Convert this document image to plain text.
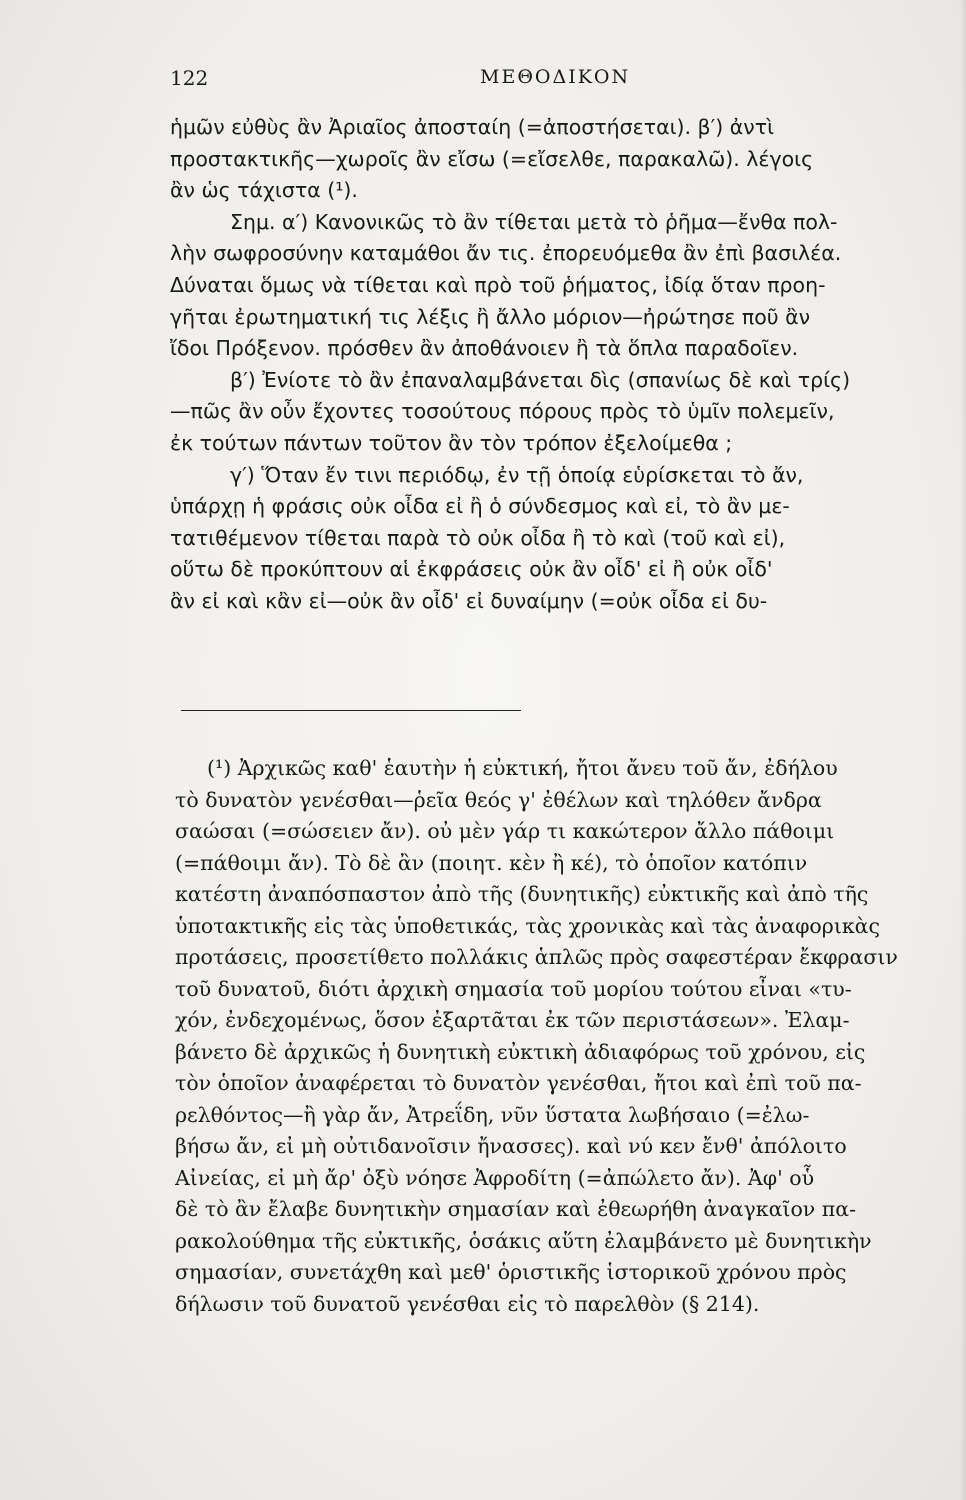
122	ΜΕΘΟΔΙΚΟΝ
ἡμῶν εὐθὺς ἂν Ἀριαῖος ἀποσταίη (=ἀποστήσεται). β′) ἀντὶ
προστακτικῆς—χωροῖς ἂν εἴσω (=εἴσελθε, παρακαλῶ). λέγοις
ἂν ὡς τάχιστα (¹).
Σημ. α′) Κανονικῶς τὸ ἂν τίθεται μετὰ τὸ ῥῆμα—ἔνθα πολ-
λὴν σωφροσύνην καταμάθοι ἄν τις. ἐπορευόμεθα ἂν ἐπὶ βασιλέα.
Δύναται ὅμως νὰ τίθεται καὶ πρὸ τοῦ ῥήματος, ἰδίᾳ ὅταν προη-
γῆται ἐρωτηματική τις λέξις ἢ ἄλλο μόριον—ἠρώτησε ποῦ ἂν
ἴδοι Πρόξενον. πρόσθεν ἂν ἀποθάνοιεν ἢ τὰ ὅπλα παραδοῖεν.
β′) Ἐνίοτε τὸ ἂν ἐπαναλαμβάνεται δὶς (σπανίως δὲ καὶ τρίς)
—πῶς ἂν οὖν ἔχοντες τοσούτους πόρους πρὸς τὸ ὑμῖν πολεμεῖν,
ἐκ τούτων πάντων τοῦτον ἂν τὸν τρόπον ἐξελοίμεθα ;
γ′) Ὅταν ἔν τινι περιόδῳ, ἐν τῇ ὁποίᾳ εὑρίσκεται τὸ ἄν,
ὑπάρχῃ ἡ φράσις οὐκ οἶδα εἰ ἢ ὁ σύνδεσμος καὶ εἰ, τὸ ἂν με-
τατιθέμενον τίθεται παρὰ τὸ οὐκ οἶδα ἢ τὸ καὶ (τοῦ καὶ εἰ),
οὕτω δὲ προκύπτουν αἱ ἐκφράσεις οὐκ ἂν οἶδ' εἰ ἢ οὐκ οἶδ'
ἂν εἰ καὶ κἂν εἰ—οὐκ ἂν οἶδ' εἰ δυναίμην (=οὐκ οἶδα εἰ δυ-
(¹) Ἀρχικῶς καθ' ἑαυτὴν ἡ εὐκτική, ἤτοι ἄνευ τοῦ ἄν, ἐδήλου
τὸ δυνατὸν γενέσθαι—ῥεῖα θεός γ' ἐθέλων καὶ τηλόθεν ἄνδρα
σαώσαι (=σώσειεν ἄν). οὐ μὲν γάρ τι κακώτερον ἄλλο πάθοιμι
(=πάθοιμι ἄν). Τὸ δὲ ἂν (ποιητ. κὲν ἢ κέ), τὸ ὁποῖον κατόπιν
κατέστη ἀναπόσπαστον ἀπὸ τῆς (δυνητικῆς) εὐκτικῆς καὶ ἀπὸ τῆς
ὑποτακτικῆς εἰς τὰς ὑποθετικάς, τὰς χρονικὰς καὶ τὰς ἀναφορικὰς
προτάσεις, προσετίθετο πολλάκις ἁπλῶς πρὸς σαφεστέραν ἔκφρασιν
τοῦ δυνατοῦ, διότι ἀρχικὴ σημασία τοῦ μορίου τούτου εἶναι «τυ-
χόν, ἐνδεχομένως, ὅσον ἐξαρτᾶται ἐκ τῶν περιστάσεων». Ἐλαμ-
βάνετο δὲ ἀρχικῶς ἡ δυνητικὴ εὐκτικὴ ἀδιαφόρως τοῦ χρόνου, εἰς
τὸν ὁποῖον ἀναφέρεται τὸ δυνατὸν γενέσθαι, ἤτοι καὶ ἐπὶ τοῦ πα-
ρελθόντος—ἢ γὰρ ἄν, Ἀτρεΐδη, νῦν ὕστατα λωβήσαιο (=ἐλω-
βήσω ἄν, εἰ μὴ οὐτιδανοῖσιν ἤνασσες). καὶ νύ κεν ἔνθ' ἀπόλοιτο
Αἰνείας, εἰ μὴ ἄρ' ὀξὺ νόησε Ἀφροδίτη (=ἀπώλετο ἄν). Ἀφ' οὗ
δὲ τὸ ἂν ἔλαβε δυνητικὴν σημασίαν καὶ ἐθεωρήθη ἀναγκαῖον πα-
ρακολούθημα τῆς εὐκτικῆς, ὁσάκις αὕτη ἐλαμβάνετο μὲ δυνητικὴν
σημασίαν, συνετάχθη καὶ μεθ' ὁριστικῆς ἱστορικοῦ χρόνου πρὸς
δήλωσιν τοῦ δυνατοῦ γενέσθαι εἰς τὸ παρελθὸν (§ 214).
